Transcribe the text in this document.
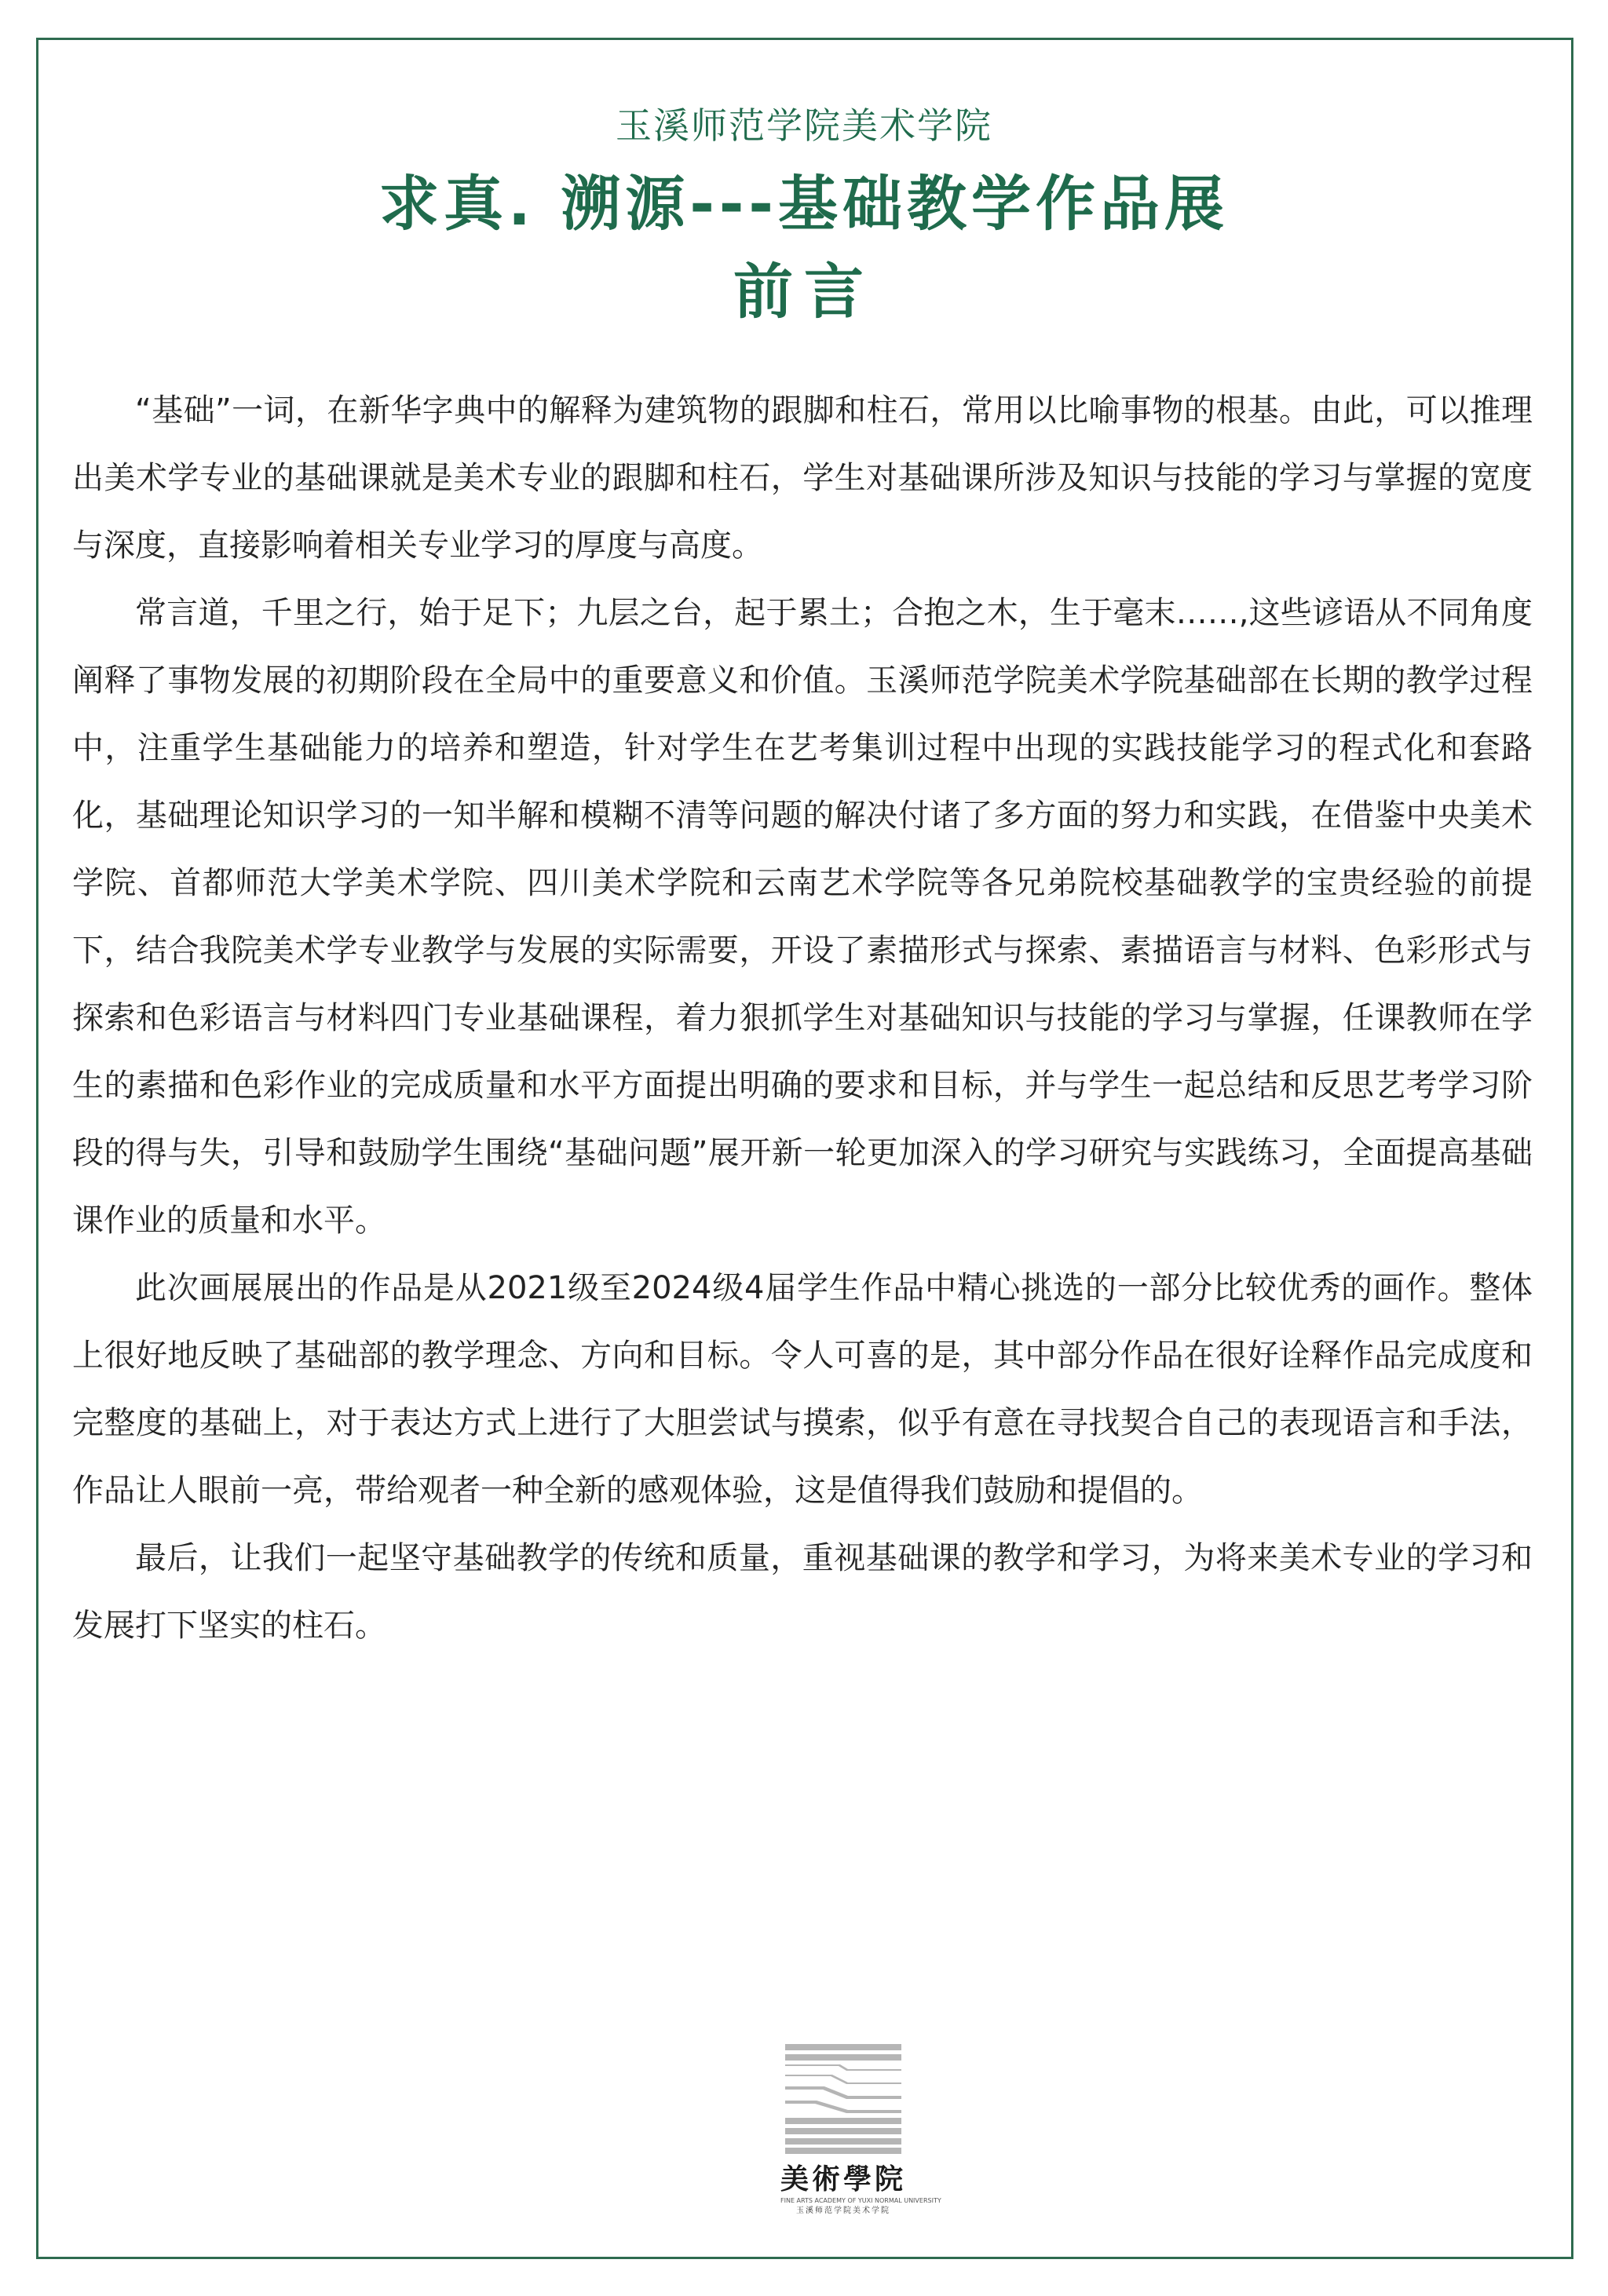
玉溪师范学院美术学院

求真. 溯源---基础教学作品展

前言

“基础”一词，在新华字典中的解释为建筑物的跟脚和柱石，常用以比喻事物的根基。由此，可以推理出美术学专业的基础课就是美术专业的跟脚和柱石，学生对基础课所涉及知识与技能的学习与掌握的宽度与深度，直接影响着相关专业学习的厚度与高度。

常言道，千里之行，始于足下；九层之台，起于累土；合抱之木，生于毫末……,这些谚语从不同角度阐释了事物发展的初期阶段在全局中的重要意义和价值。玉溪师范学院美术学院基础部在长期的教学过程中，注重学生基础能力的培养和塑造，针对学生在艺考集训过程中出现的实践技能学习的程式化和套路化，基础理论知识学习的一知半解和模糊不清等问题的解决付诸了多方面的努力和实践，在借鉴中央美术学院、首都师范大学美术学院、四川美术学院和云南艺术学院等各兄弟院校基础教学的宝贵经验的前提下，结合我院美术学专业教学与发展的实际需要，开设了素描形式与探索、素描语言与材料、色彩形式与探索和色彩语言与材料四门专业基础课程，着力狠抓学生对基础知识与技能的学习与掌握，任课教师在学生的素描和色彩作业的完成质量和水平方面提出明确的要求和目标，并与学生一起总结和反思艺考学习阶段的得与失，引导和鼓励学生围绕“基础问题”展开新一轮更加深入的学习研究与实践练习，全面提高基础课作业的质量和水平。

此次画展展出的作品是从2021级至2024级4届学生作品中精心挑选的一部分比较优秀的画作。整体上很好地反映了基础部的教学理念、方向和目标。令人可喜的是，其中部分作品在很好诠释作品完成度和完整度的基础上，对于表达方式上进行了大胆尝试与摸索，似乎有意在寻找契合自己的表现语言和手法，作品让人眼前一亮，带给观者一种全新的感观体验，这是值得我们鼓励和提倡的。

最后，让我们一起坚守基础教学的传统和质量，重视基础课的教学和学习，为将来美术专业的学习和发展打下坚实的柱石。

美術學院
FINE ARTS ACADEMY OF YUXI NORMAL UNIVERSITY
玉溪师范学院美术学院
